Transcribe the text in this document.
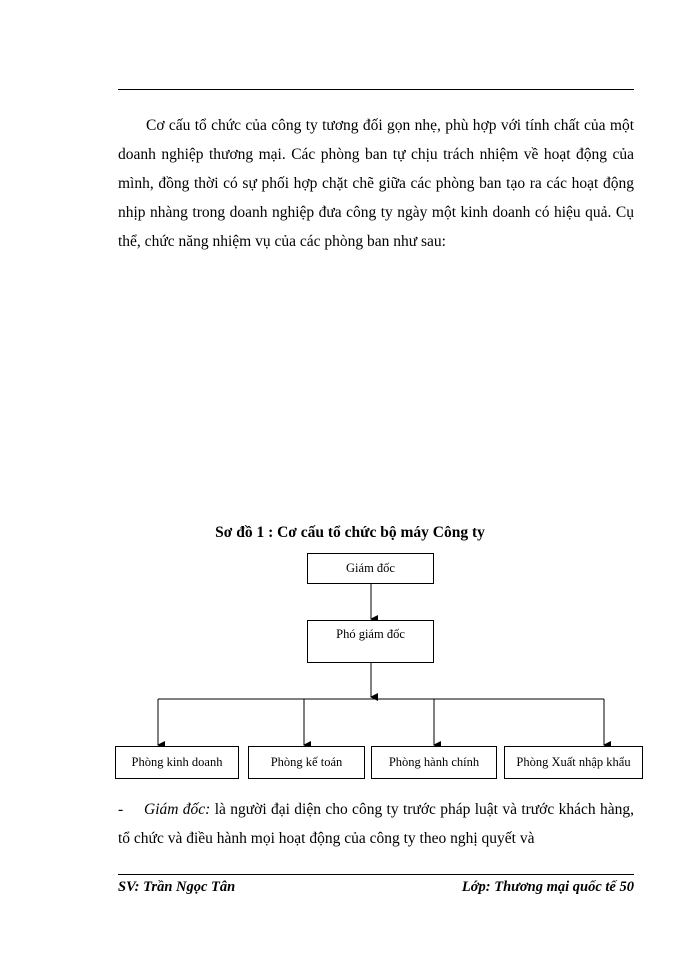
Cơ cấu tổ chức của công ty tương đối gọn nhẹ, phù hợp với tính chất của một doanh nghiệp thương mại. Các phòng ban tự chịu trách nhiệm về hoạt động của mình, đồng thời có sự phối hợp chặt chẽ giữa các phòng ban tạo ra các hoạt động nhịp nhàng trong doanh nghiệp đưa công ty ngày một kinh doanh có hiệu quả. Cụ thể, chức năng nhiệm vụ của các phòng ban như sau:

Sơ đồ 1 : Cơ cấu tổ chức bộ máy Công ty

Giám đốc
Phó giám đốc
Phòng kinh doanh	Phòng kế toán	Phòng hành chính	Phòng Xuất nhập khẩu

- Giám đốc: là người đại diện cho công ty trước pháp luật và trước khách hàng, tổ chức và điều hành mọi hoạt động của công ty theo nghị quyết và

SV: Trần Ngọc Tân	Lớp: Thương mại quốc tế 50
